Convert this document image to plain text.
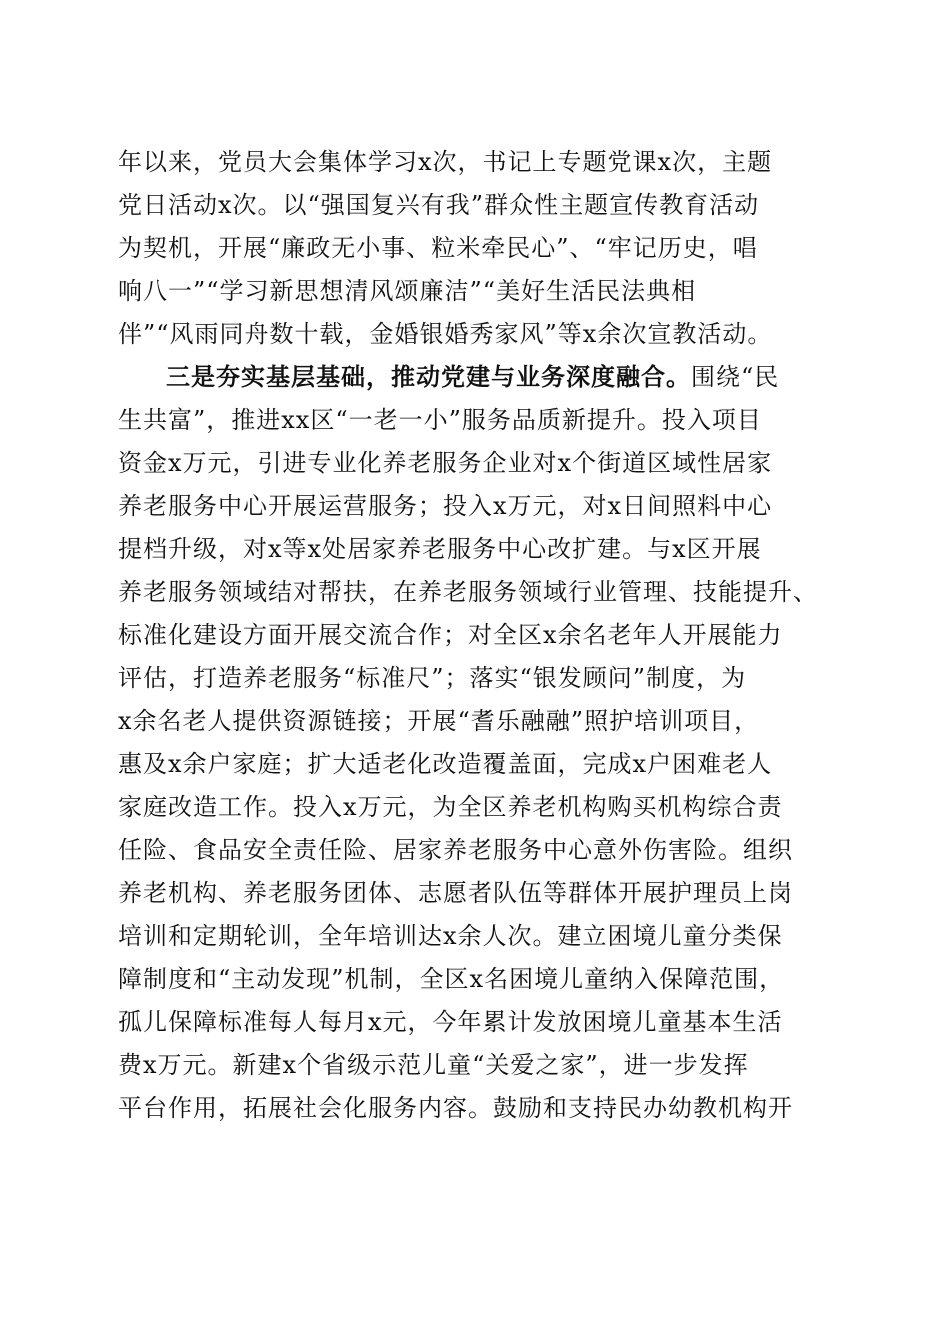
年以来，党员大会集体学习x次，书记上专题党课x次，主题
党日活动x次。以“强国复兴有我”群众性主题宣传教育活动
为契机，开展“廉政无小事、粒米牵民心”、“牢记历史，唱
响八一”“学习新思想清风颂廉洁”“美好生活民法典相
伴”“风雨同舟数十载，金婚银婚秀家风”等x余次宣教活动。
三是夯实基层基础，推动党建与业务深度融合。围绕“民
生共富”，推进xx区“一老一小”服务品质新提升。投入项目
资金x万元，引进专业化养老服务企业对x个街道区域性居家
养老服务中心开展运营服务；投入x万元，对x日间照料中心
提档升级，对x等x处居家养老服务中心改扩建。与x区开展
养老服务领域结对帮扶，在养老服务领域行业管理、技能提升、
标准化建设方面开展交流合作；对全区x余名老年人开展能力
评估，打造养老服务“标准尺”；落实“银发顾问”制度，为
x余名老人提供资源链接；开展“耆乐融融”照护培训项目，
惠及x余户家庭；扩大适老化改造覆盖面，完成x户困难老人
家庭改造工作。投入x万元，为全区养老机构购买机构综合责
任险、食品安全责任险、居家养老服务中心意外伤害险。组织
养老机构、养老服务团体、志愿者队伍等群体开展护理员上岗
培训和定期轮训，全年培训达x余人次。建立困境儿童分类保
障制度和“主动发现”机制，全区x名困境儿童纳入保障范围，
孤儿保障标准每人每月x元，今年累计发放困境儿童基本生活
费x万元。新建x个省级示范儿童“关爱之家”，进一步发挥
平台作用，拓展社会化服务内容。鼓励和支持民办幼教机构开
